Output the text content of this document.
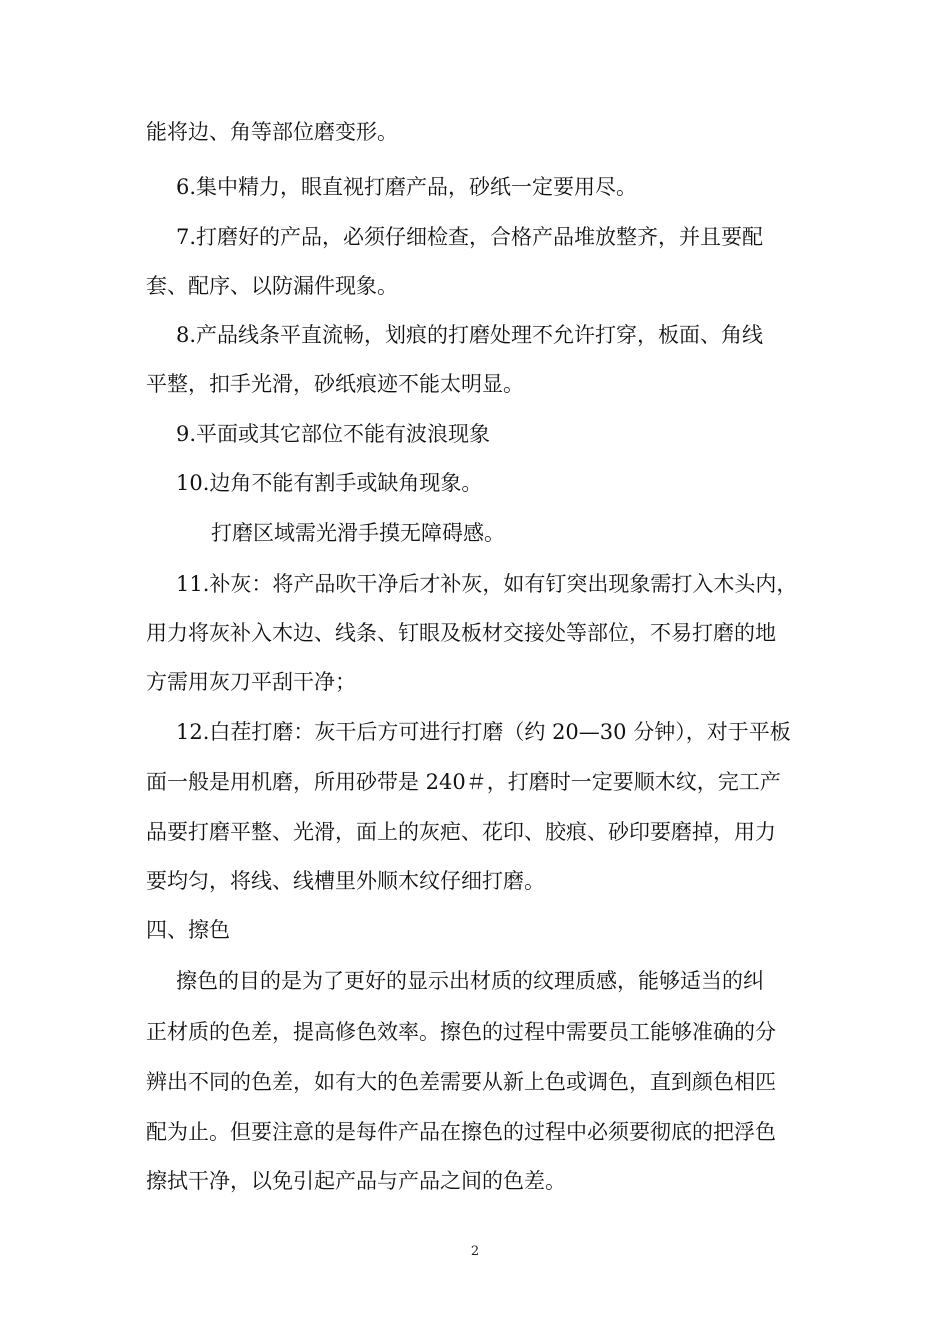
能将边、角等部位磨变形。
6.集中精力，眼直视打磨产品，砂纸一定要用尽。
7.打磨好的产品，必须仔细检查，合格产品堆放整齐，并且要配
套、配序、以防漏件现象。
8.产品线条平直流畅，划痕的打磨处理不允许打穿，板面、角线
平整，扣手光滑，砂纸痕迹不能太明显。
9.平面或其它部位不能有波浪现象
10.边角不能有割手或缺角现象。
打磨区域需光滑手摸无障碍感。
11.补灰：将产品吹干净后才补灰，如有钉突出现象需打入木头内，
用力将灰补入木边、线条、钉眼及板材交接处等部位，不易打磨的地
方需用灰刀平刮干净；
12.白茬打磨：灰干后方可进行打磨（约 20—30 分钟），对于平板
面一般是用机磨，所用砂带是 240＃，打磨时一定要顺木纹，完工产
品要打磨平整、光滑，面上的灰疤、花印、胶痕、砂印要磨掉，用力
要均匀，将线、线槽里外顺木纹仔细打磨。
四、擦色
擦色的目的是为了更好的显示出材质的纹理质感，能够适当的纠
正材质的色差，提高修色效率。擦色的过程中需要员工能够准确的分
辨出不同的色差，如有大的色差需要从新上色或调色，直到颜色相匹
配为止。但要注意的是每件产品在擦色的过程中必须要彻底的把浮色
擦拭干净，以免引起产品与产品之间的色差。
2
